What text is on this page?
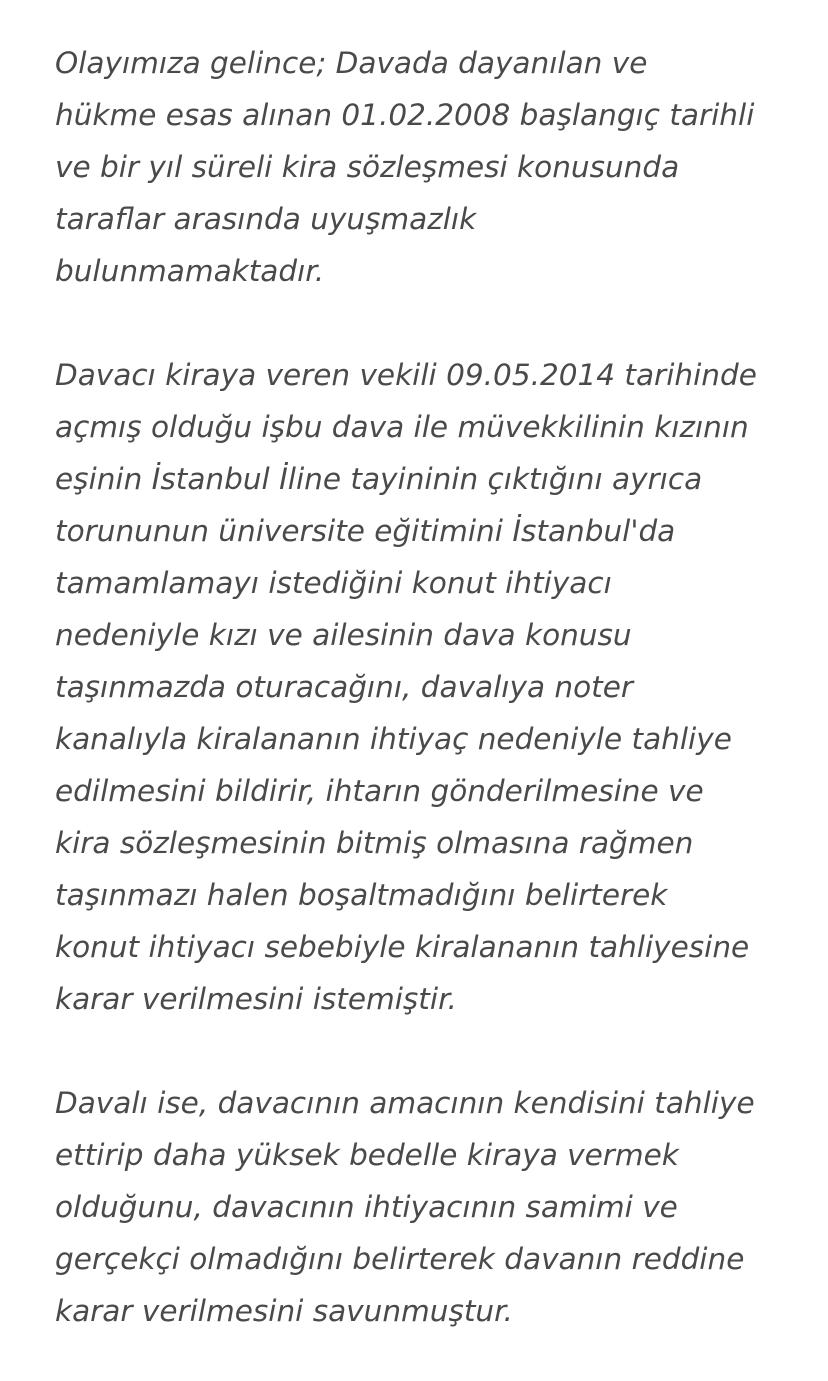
Olayımıza gelince; Davada dayanılan ve
hükme esas alınan 01.02.2008 başlangıç tarihli
ve bir yıl süreli kira sözleşmesi konusunda
taraflar arasında uyuşmazlık
bulunmamaktadır.

Davacı kiraya veren vekili 09.05.2014 tarihinde
açmış olduğu işbu dava ile müvekkilinin kızının
eşinin İstanbul İline tayininin çıktığını ayrıca
torununun üniversite eğitimini İstanbul'da
tamamlamayı istediğini konut ihtiyacı
nedeniyle kızı ve ailesinin dava konusu
taşınmazda oturacağını, davalıya noter
kanalıyla kiralananın ihtiyaç nedeniyle tahliye
edilmesini bildirir, ihtarın gönderilmesine ve
kira sözleşmesinin bitmiş olmasına rağmen
taşınmazı halen boşaltmadığını belirterek
konut ihtiyacı sebebiyle kiralananın tahliyesine
karar verilmesini istemiştir.

Davalı ise, davacının amacının kendisini tahliye
ettirip daha yüksek bedelle kiraya vermek
olduğunu, davacının ihtiyacının samimi ve
gerçekçi olmadığını belirterek davanın reddine
karar verilmesini savunmuştur.
